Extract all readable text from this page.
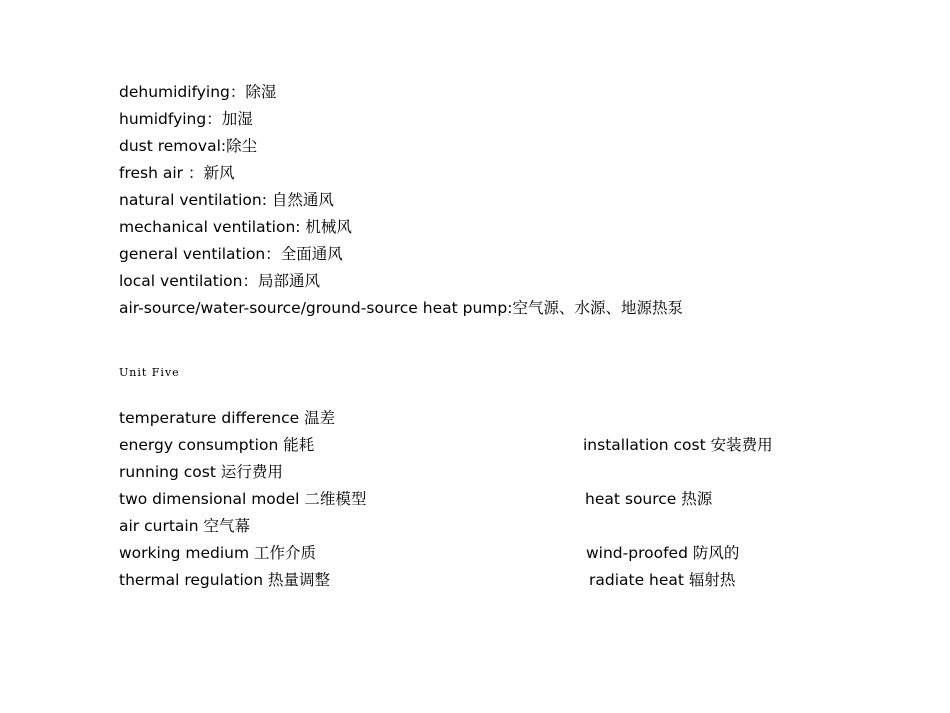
dehumidifying：除湿
humidfying：加湿
dust removal:除尘
fresh air ：新风
natural ventilation: 自然通风
mechanical ventilation: 机械风
general ventilation：全面通风
local ventilation：局部通风
air-source/water-source/ground-source heat pump:空气源、水源、地源热泵
Unit Five
temperature difference 温差
energy consumption 能耗
running cost 运行费用
two dimensional model 二维模型
air curtain 空气幕
working medium 工作介质
thermal regulation 热量调整
installation cost 安装费用
heat source 热源
wind-proofed 防风的
radiate heat 辐射热
